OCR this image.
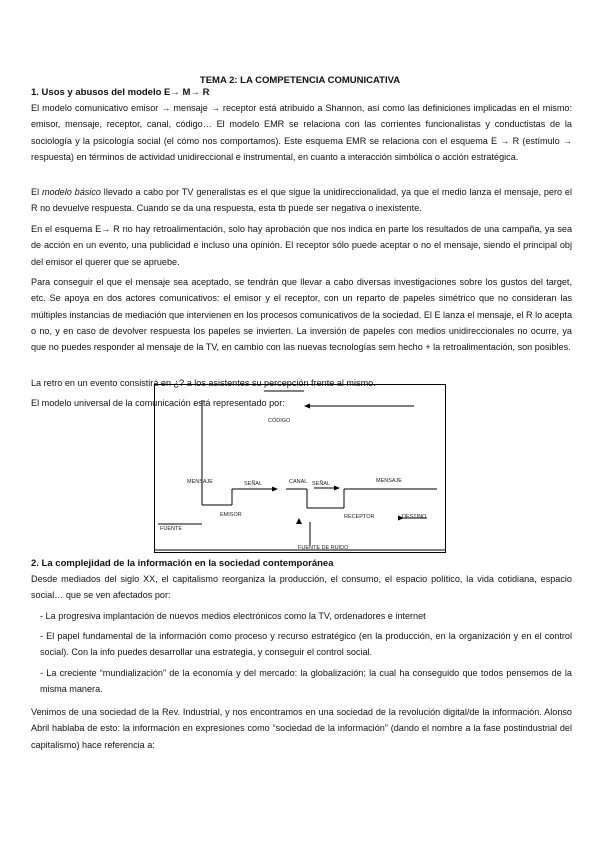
TEMA 2: LA COMPETENCIA COMUNICATIVA
1. Usos y abusos del modelo E→ M→ R

El modelo comunicativo emisor → mensaje → receptor está atribuido a Shannon, así como las definiciones implicadas en el mismo: emisor, mensaje, receptor, canal, código… El modelo EMR se relaciona con las corrientes funcionalistas y conductistas de la sociología y la psicología social (el cómo nos comportamos). Este esquema EMR se relaciona con el esquema E → R (estímulo → respuesta) en términos de actividad unidireccional e instrumental, en cuanto a interacción simbólica o acción estratégica.

El modelo básico llevado a cabo por TV generalistas es el que sigue la unidireccionalidad, ya que el medio lanza el mensaje, pero el R no devuelve respuesta. Cuando se da una respuesta, esta tb puede ser negativa o inexistente.

En el esquema E→ R no hay retroalimentación, solo hay aprobación que nos indica en parte los resultados de una campaña, ya sea de acción en un evento, una publicidad e incluso una opinión. El receptor sólo puede aceptar o no el mensaje, siendo el principal obj del emisor el querer que se apruebe.

Para conseguir el que el mensaje sea aceptado, se tendrán que llevar a cabo diversas investigaciones sobre los gustos del target, etc. Se apoya en dos actores comunicativos: el emisor y el receptor, con un reparto de papeles simétrico que no consideran las múltiples instancias de mediación que intervienen en los procesos comunicativos de la sociedad. El E lanza el mensaje, el R lo acepta o no, y en caso de devolver respuesta los papeles se invierten. La inversión de papeles con medios unidireccionales no ocurre, ya que no puedes responder al mensaje de la TV, en cambio con las nuevas tecnologías sem hecho + la retroalimentación, son posibles.

La retro en un evento consistirá en ¿? a los asistentes su percepción frente al mismo.

El modelo universal de la comunicación está representado por:

CÓDIGO
MENSAJE
EMISOR
SEÑAL	CANAL SEÑAL	MENSAJE
RECEPTOR	DESTINO
FUENTE
FUENTE DE RUIDO
2. La complejidad de la información en la sociedad contemporánea

Desde mediados del siglo XX, el capitalismo reorganiza la producción, el consumo, el espacio político, la vida cotidiana, espacio social… que se ven afectados por:

- La progresiva implantación de nuevos medios electrónicos como la TV, ordenadores e internet

- El papel fundamental de la información como proceso y recurso estratégico (en la producción, en la organización y en el control social). Con la info puedes desarrollar una estrategia, y conseguir el control social.

- La creciente “mundialización” de la economía y del mercado: la globalización; la cual ha conseguido que todos pensemos de la misma manera.

Venimos de una sociedad de la Rev. Industrial, y nos encontramos en una sociedad de la revolución digital/de la información. Alonso Abril hablaba de esto: la información en expresiones como “sociedad de la información” (dando el nombre a la fase postindustrial del capitalismo) hace referencia a:
